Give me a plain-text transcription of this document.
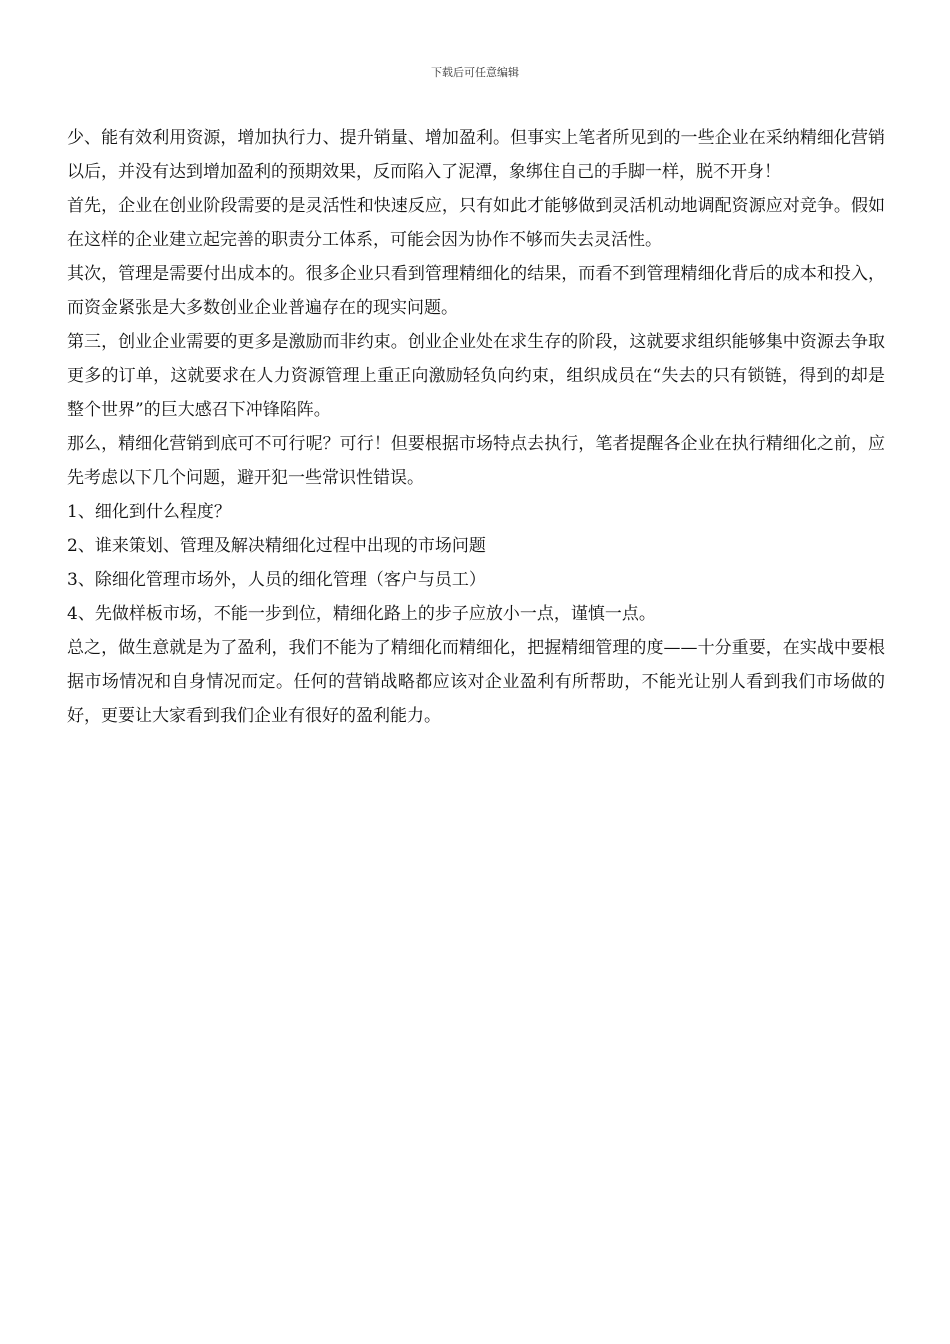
下载后可任意编辑

少、能有效利用资源，增加执行力、提升销量、增加盈利。但事实上笔者所见到的一些企业在采纳精细化营销以后，并没有达到增加盈利的预期效果，反而陷入了泥潭，象绑住自己的手脚一样，脱不开身！

首先，企业在创业阶段需要的是灵活性和快速反应，只有如此才能够做到灵活机动地调配资源应对竞争。假如在这样的企业建立起完善的职责分工体系，可能会因为协作不够而失去灵活性。

其次，管理是需要付出成本的。很多企业只看到管理精细化的结果，而看不到管理精细化背后的成本和投入，而资金紧张是大多数创业企业普遍存在的现实问题。

第三，创业企业需要的更多是激励而非约束。创业企业处在求生存的阶段，这就要求组织能够集中资源去争取更多的订单，这就要求在人力资源管理上重正向激励轻负向约束，组织成员在“失去的只有锁链，得到的却是整个世界”的巨大感召下冲锋陷阵。

那么，精细化营销到底可不可行呢？可行！但要根据市场特点去执行，笔者提醒各企业在执行精细化之前，应先考虑以下几个问题，避开犯一些常识性错误。

1、细化到什么程度？

2、谁来策划、管理及解决精细化过程中出现的市场问题

3、除细化管理市场外，人员的细化管理（客户与员工）

4、先做样板市场，不能一步到位，精细化路上的步子应放小一点，谨慎一点。

总之，做生意就是为了盈利，我们不能为了精细化而精细化，把握精细管理的度——十分重要，在实战中要根据市场情况和自身情况而定。任何的营销战略都应该对企业盈利有所帮助，不能光让别人看到我们市场做的好，更要让大家看到我们企业有很好的盈利能力。
